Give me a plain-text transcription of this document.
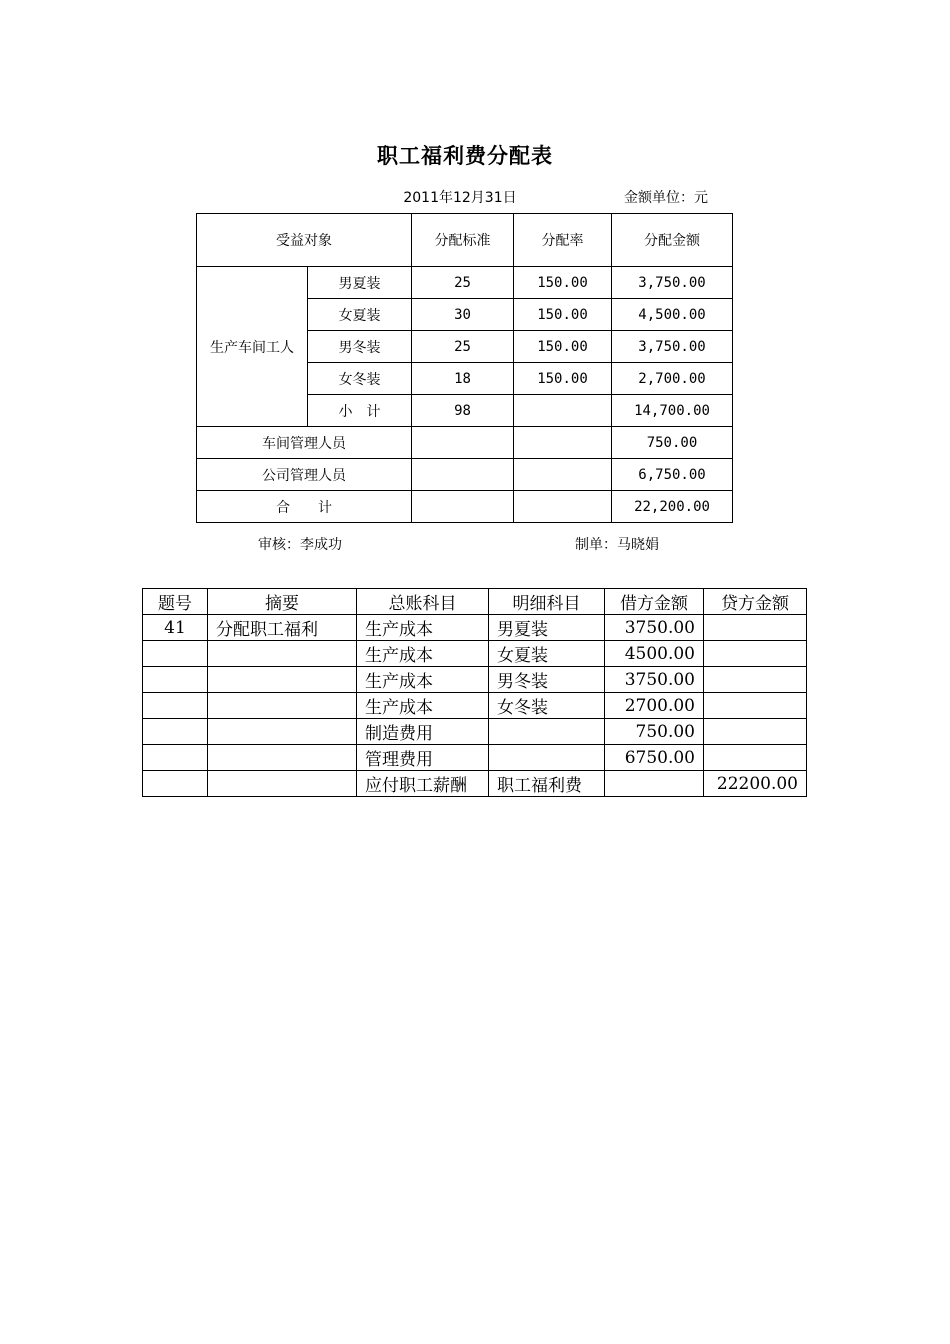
职工福利费分配表
2011年12月31日	金额单位：元
受益对象		分配标准	分配率	分配金额
生产车间工人	男夏装	25	150.00	3,750.00
	女夏装	30	150.00	4,500.00
	男冬装	25	150.00	3,750.00
	女冬装	18	150.00	2,700.00
	小　计	98		14,700.00
车间管理人员				750.00
公司管理人员				6,750.00
合　　计				22,200.00
审核：李成功	制单：马晓娟
题号	摘要	总账科目	明细科目	借方金额	贷方金额
41	分配职工福利	生产成本	男夏装	3750.00	
		生产成本	女夏装	4500.00	
		生产成本	男冬装	3750.00	
		生产成本	女冬装	2700.00	
		制造费用		750.00	
		管理费用		6750.00	
		应付职工薪酬	职工福利费		22200.00
